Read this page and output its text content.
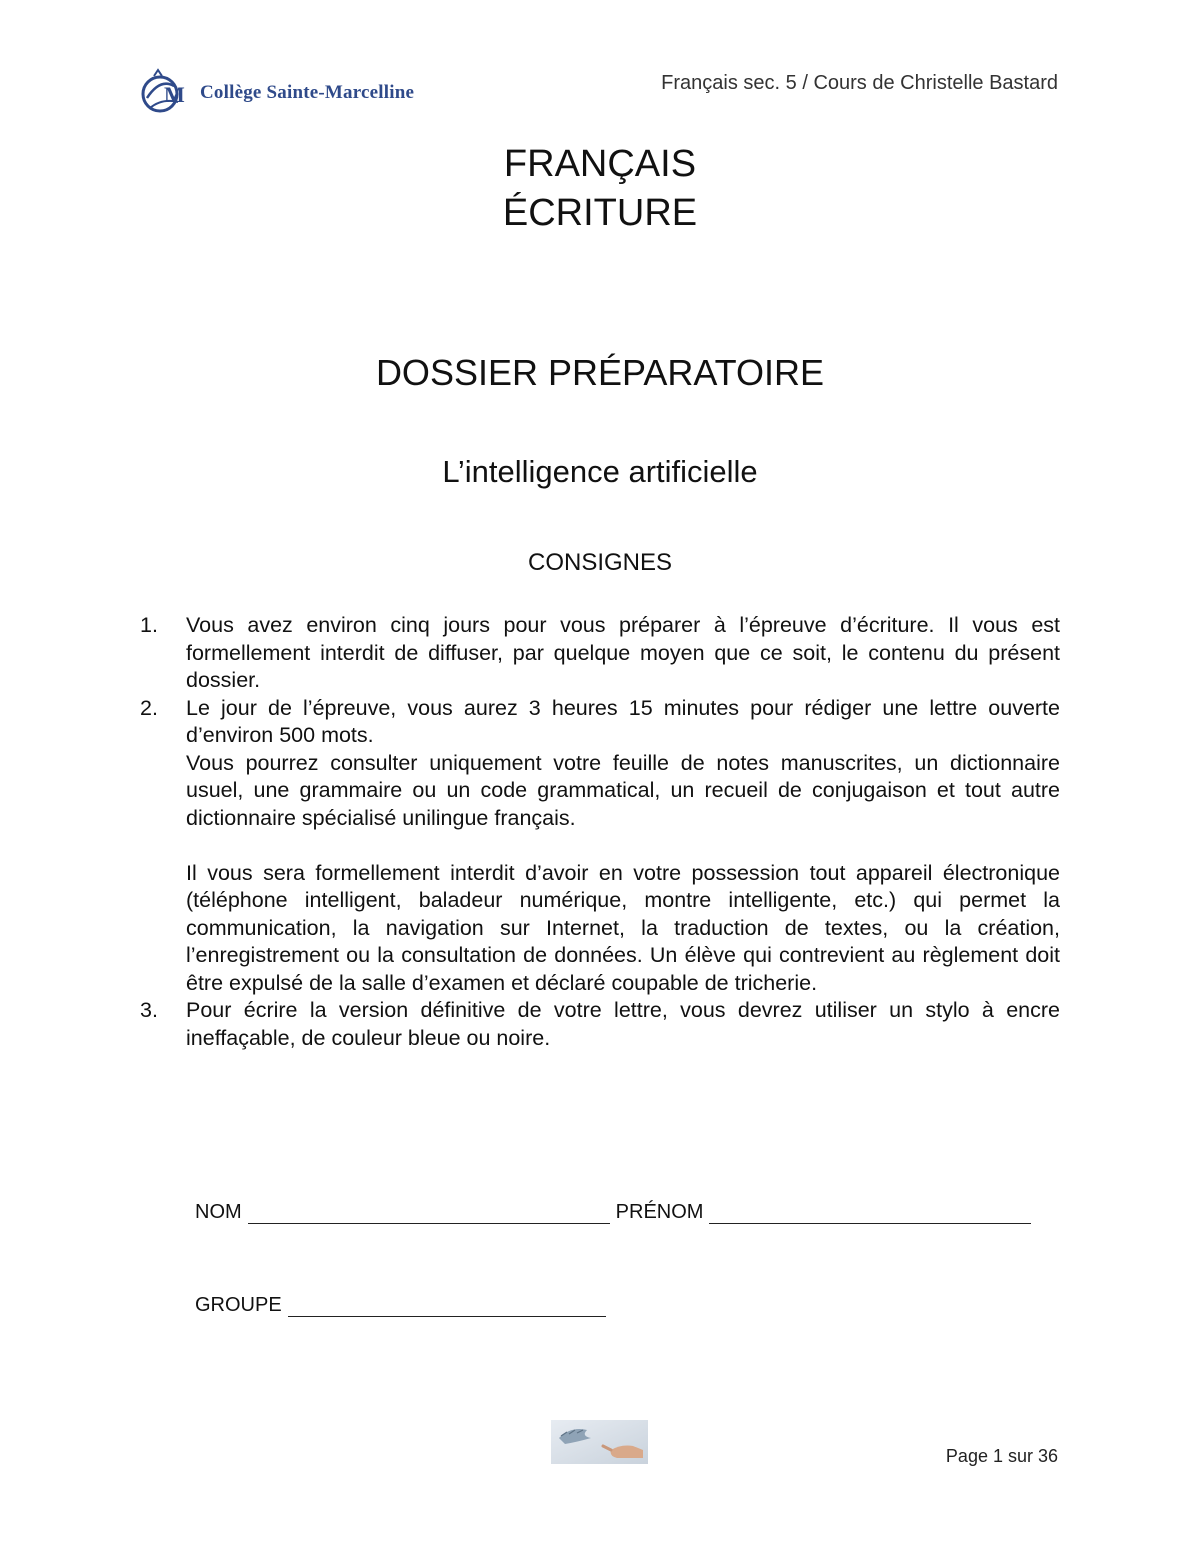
M Collège Sainte-Marcelline	Français sec. 5 / Cours de Christelle Bastard
FRANÇAIS
ÉCRITURE
DOSSIER PRÉPARATOIRE
L’intelligence artificielle
CONSIGNES
1.	Vous avez environ cinq jours pour vous préparer à l’épreuve d’écriture. Il vous est formellement interdit de diffuser, par quelque moyen que ce soit, le contenu du présent dossier.

2.	Le jour de l’épreuve, vous aurez 3 heures 15 minutes pour rédiger une lettre ouverte d’environ 500 mots.

Vous pourrez consulter uniquement votre feuille de notes manuscrites, un dictionnaire usuel, une grammaire ou un code grammatical, un recueil de conjugaison et tout autre dictionnaire spécialisé unilingue français.

Il vous sera formellement interdit d’avoir en votre possession tout appareil électronique (téléphone intelligent, baladeur numérique, montre intelligente, etc.) qui permet la communication, la navigation sur Internet, la traduction de textes, ou la création, l’enregistrement ou la consultation de données. Un élève qui contrevient au règlement doit être expulsé de la salle d’examen et déclaré coupable de tricherie.

3.	Pour écrire la version définitive de votre lettre, vous devrez utiliser un stylo à encre ineffaçable, de couleur bleue ou noire.

NOM	PRÉNOM
GROUPE
Page 1 sur 36
